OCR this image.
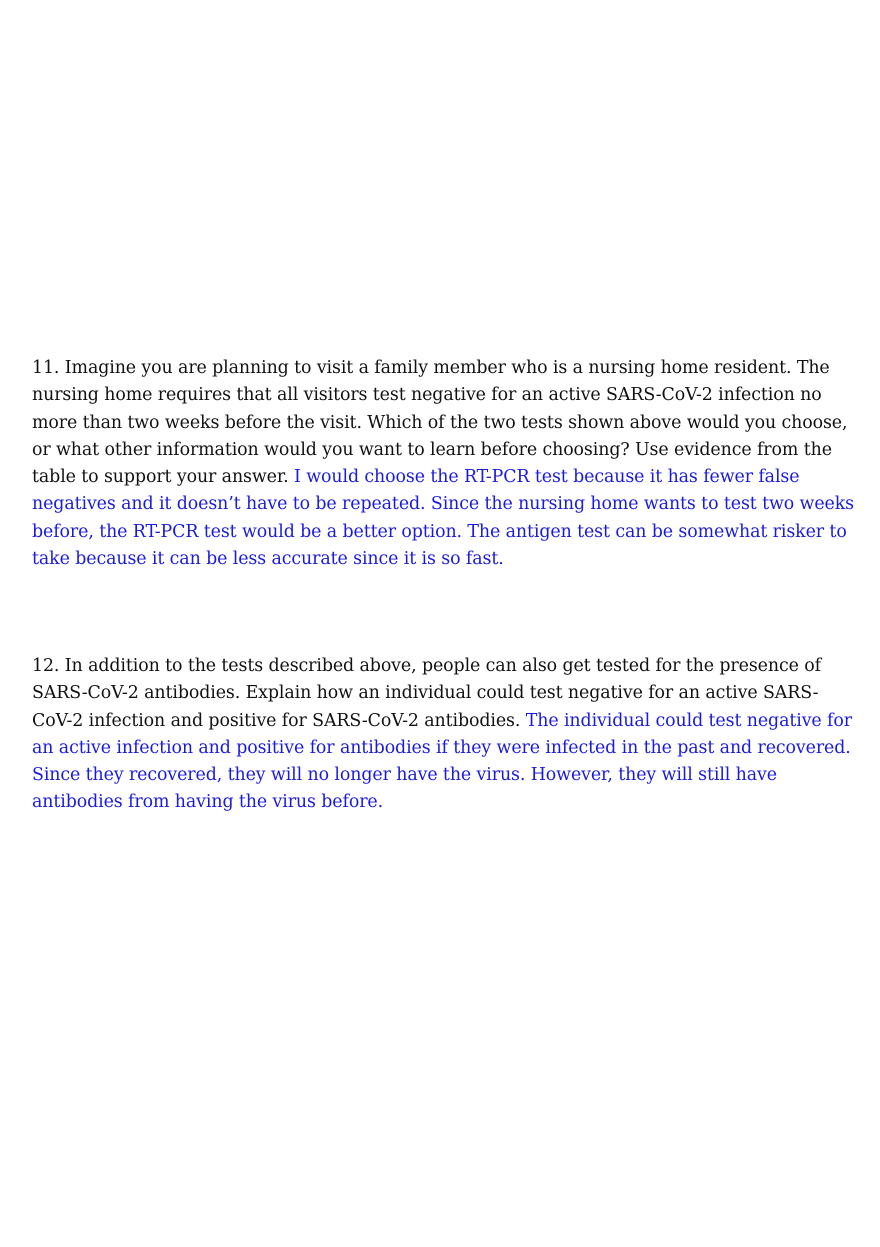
11. Imagine you are planning to visit a family member who is a nursing home resident. The nursing home requires that all visitors test negative for an active SARS-CoV-2 infection no more than two weeks before the visit. Which of the two tests shown above would you choose, or what other information would you want to learn before choosing? Use evidence from the table to support your answer. I would choose the RT-PCR test because it has fewer false negatives and it doesn’t have to be repeated. Since the nursing home wants to test two weeks before, the RT-PCR test would be a better option. The antigen test can be somewhat risker to take because it can be less accurate since it is so fast.

12. In addition to the tests described above, people can also get tested for the presence of SARS-CoV-2 antibodies. Explain how an individual could test negative for an active SARS-CoV-2 infection and positive for SARS-CoV-2 antibodies. The individual could test negative for an active infection and positive for antibodies if they were infected in the past and recovered. Since they recovered, they will no longer have the virus. However, they will still have antibodies from having the virus before.
